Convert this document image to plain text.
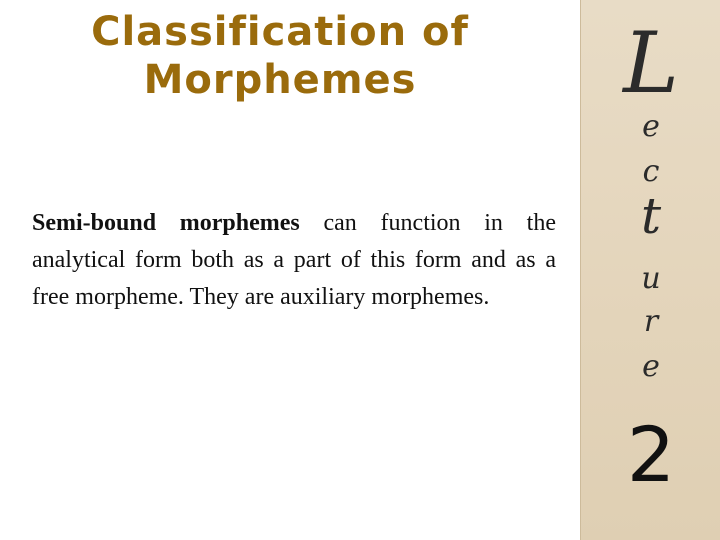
Classification of
Morphemes
Semi-bound morphemes can function in the analytical form both as a part of this form and as a free morpheme. They are auxiliary morphemes.
L
e
c
t
u
r
e
2
